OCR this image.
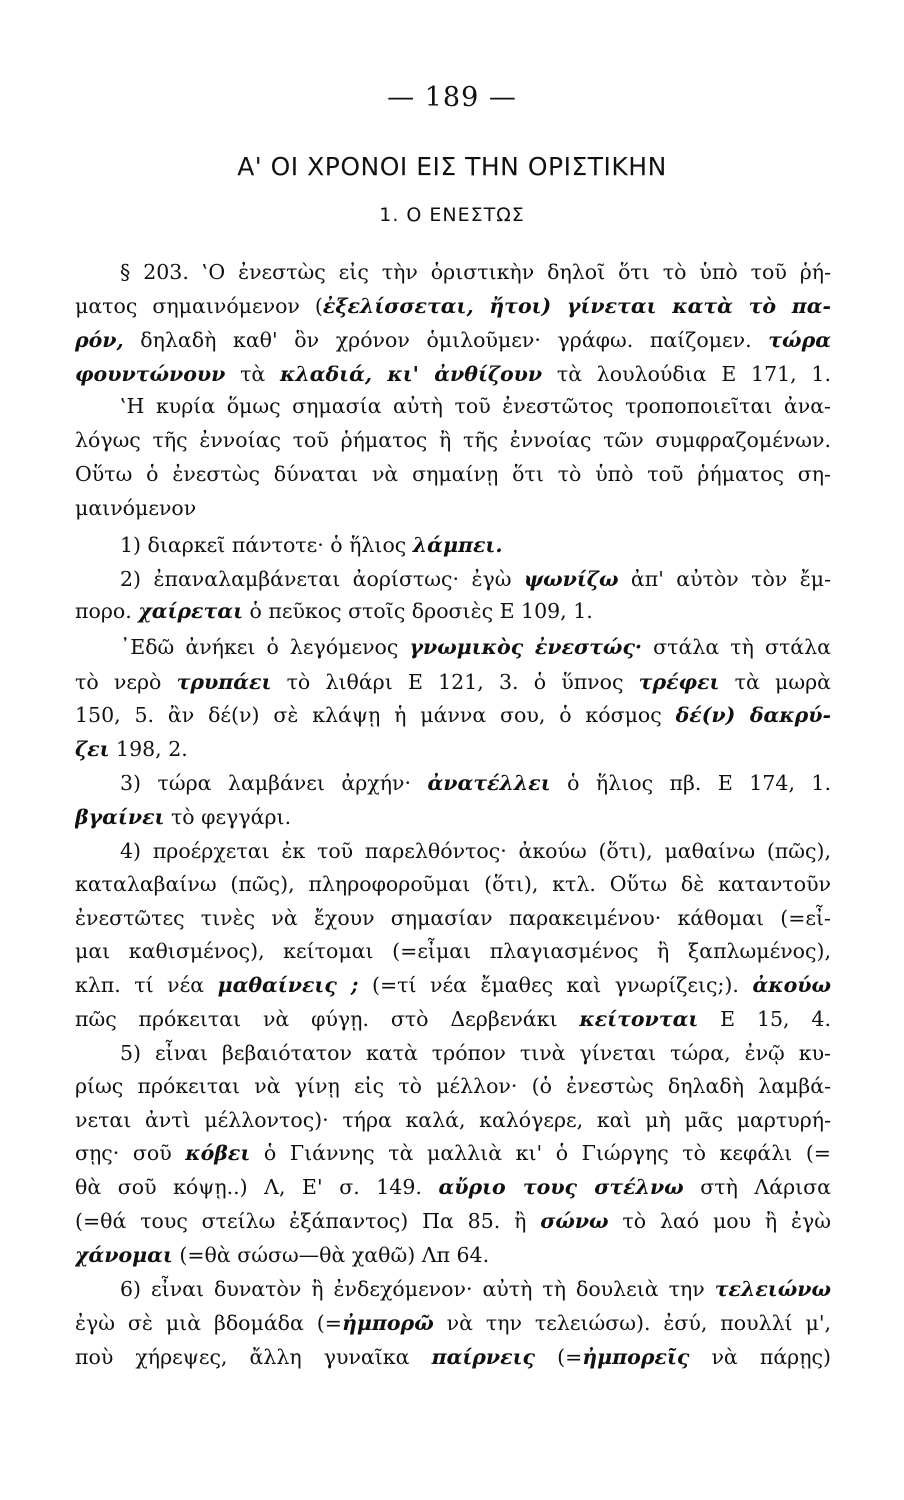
— 189 —
Α' ΟΙ ΧΡΟΝΟΙ ΕΙΣ ΤΗΝ ΟΡΙΣΤΙΚΗΝ
1. Ο ΕΝΕΣΤΩΣ
§ 203. ‛Ο ἐνεστὼς εἰς τὴν ὁριστικὴν δηλοῖ ὅτι τὸ ὑπὸ τοῦ ῥή-
ματος σημαινόμενον (ἐξελίσσεται, ἤτοι) γίνεται κατὰ τὸ πα-
ρόν, δηλαδὴ καθ' ὃν χρόνον ὁμιλοῦμεν· γράφω. παίζομεν. τώρα
φουντώνουν τὰ κλαδιά, κι' ἀνθίζουν τὰ λουλούδια Ε 171, 1.
‛Η κυρία ὅμως σημασία αὐτὴ τοῦ ἐνεστῶτος τροποποιεῖται ἀνα-
λόγως τῆς ἐννοίας τοῦ ῥήματος ἢ τῆς ἐννοίας τῶν συμφραζομένων.
Οὕτω ὁ ἐνεστὼς δύναται νὰ σημαίνῃ ὅτι τὸ ὑπὸ τοῦ ῥήματος ση-
μαινόμενον
1) διαρκεῖ πάντοτε· ὁ ἥλιος λάμπει.
2) ἐπαναλαμβάνεται ἀορίστως· ἐγὼ ψωνίζω ἀπ' αὐτὸν τὸν ἔμ-
πορο. χαίρεται ὁ πεῦκος στοῖς δροσιὲς Ε 109, 1.
᾿Εδῶ ἀνήκει ὁ λεγόμενος γνωμικὸς ἐνεστώς· στάλα τὴ στάλα
τὸ νερὸ τρυπάει τὸ λιθάρι Ε 121, 3. ὁ ὕπνος τρέφει τὰ μωρὰ
150, 5. ἂν δέ(ν) σὲ κλάψῃ ἡ μάννα σου, ὁ κόσμος δέ(ν) δακρύ-
ζει 198, 2.
3) τώρα λαμβάνει ἀρχήν· ἀνατέλλει ὁ ἥλιος πβ. Ε 174, 1.
βγαίνει τὸ φεγγάρι.
4) προέρχεται ἐκ τοῦ παρελθόντος· ἀκούω (ὅτι), μαθαίνω (πῶς),
καταλαβαίνω (πῶς), πληροφοροῦμαι (ὅτι), κτλ. Οὕτω δὲ καταντοῦν
ἐνεστῶτες τινὲς νὰ ἔχουν σημασίαν παρακειμένου· κάθομαι (=εἶ-
μαι καθισμένος), κείτομαι (=εἶμαι πλαγιασμένος ἢ ξαπλωμένος),
κλπ. τί νέα μαθαίνεις ; (=τί νέα ἔμαθες καὶ γνωρίζεις;). ἀκούω
πῶς πρόκειται νὰ φύγῃ. στὸ Δερβενάκι κείτονται Ε 15, 4.
5) εἶναι βεβαιότατον κατὰ τρόπον τινὰ γίνεται τώρα, ἐνῷ κυ-
ρίως πρόκειται νὰ γίνῃ εἰς τὸ μέλλον· (ὁ ἐνεστὼς δηλαδὴ λαμβά-
νεται ἀντὶ μέλλοντος)· τήρα καλά, καλόγερε, καὶ μὴ μᾶς μαρτυρή-
σῃς· σοῦ κόβει ὁ Γιάννης τὰ μαλλιὰ κι' ὁ Γιώργης τὸ κεφάλι (=
θὰ σοῦ κόψῃ..) Λ, Ε' σ. 149. αὔριο τους στέλνω στὴ Λάρισα
(=θά τους στείλω ἐξάπαντος) Πα 85. ἢ σώνω τὸ λαό μου ἢ ἐγὼ
χάνομαι (=θὰ σώσω—θὰ χαθῶ) Λπ 64.
6) εἶναι δυνατὸν ἢ ἐνδεχόμενον· αὐτὴ τὴ δουλειὰ την τελειώνω
ἐγὼ σὲ μιὰ βδομάδα (=ἠμπορῶ νὰ την τελειώσω). ἐσύ, πουλλί μ',
ποὺ χήρεψες, ἄλλη γυναῖκα παίρνεις (=ἠμπορεῖς νὰ πάρῃς)
